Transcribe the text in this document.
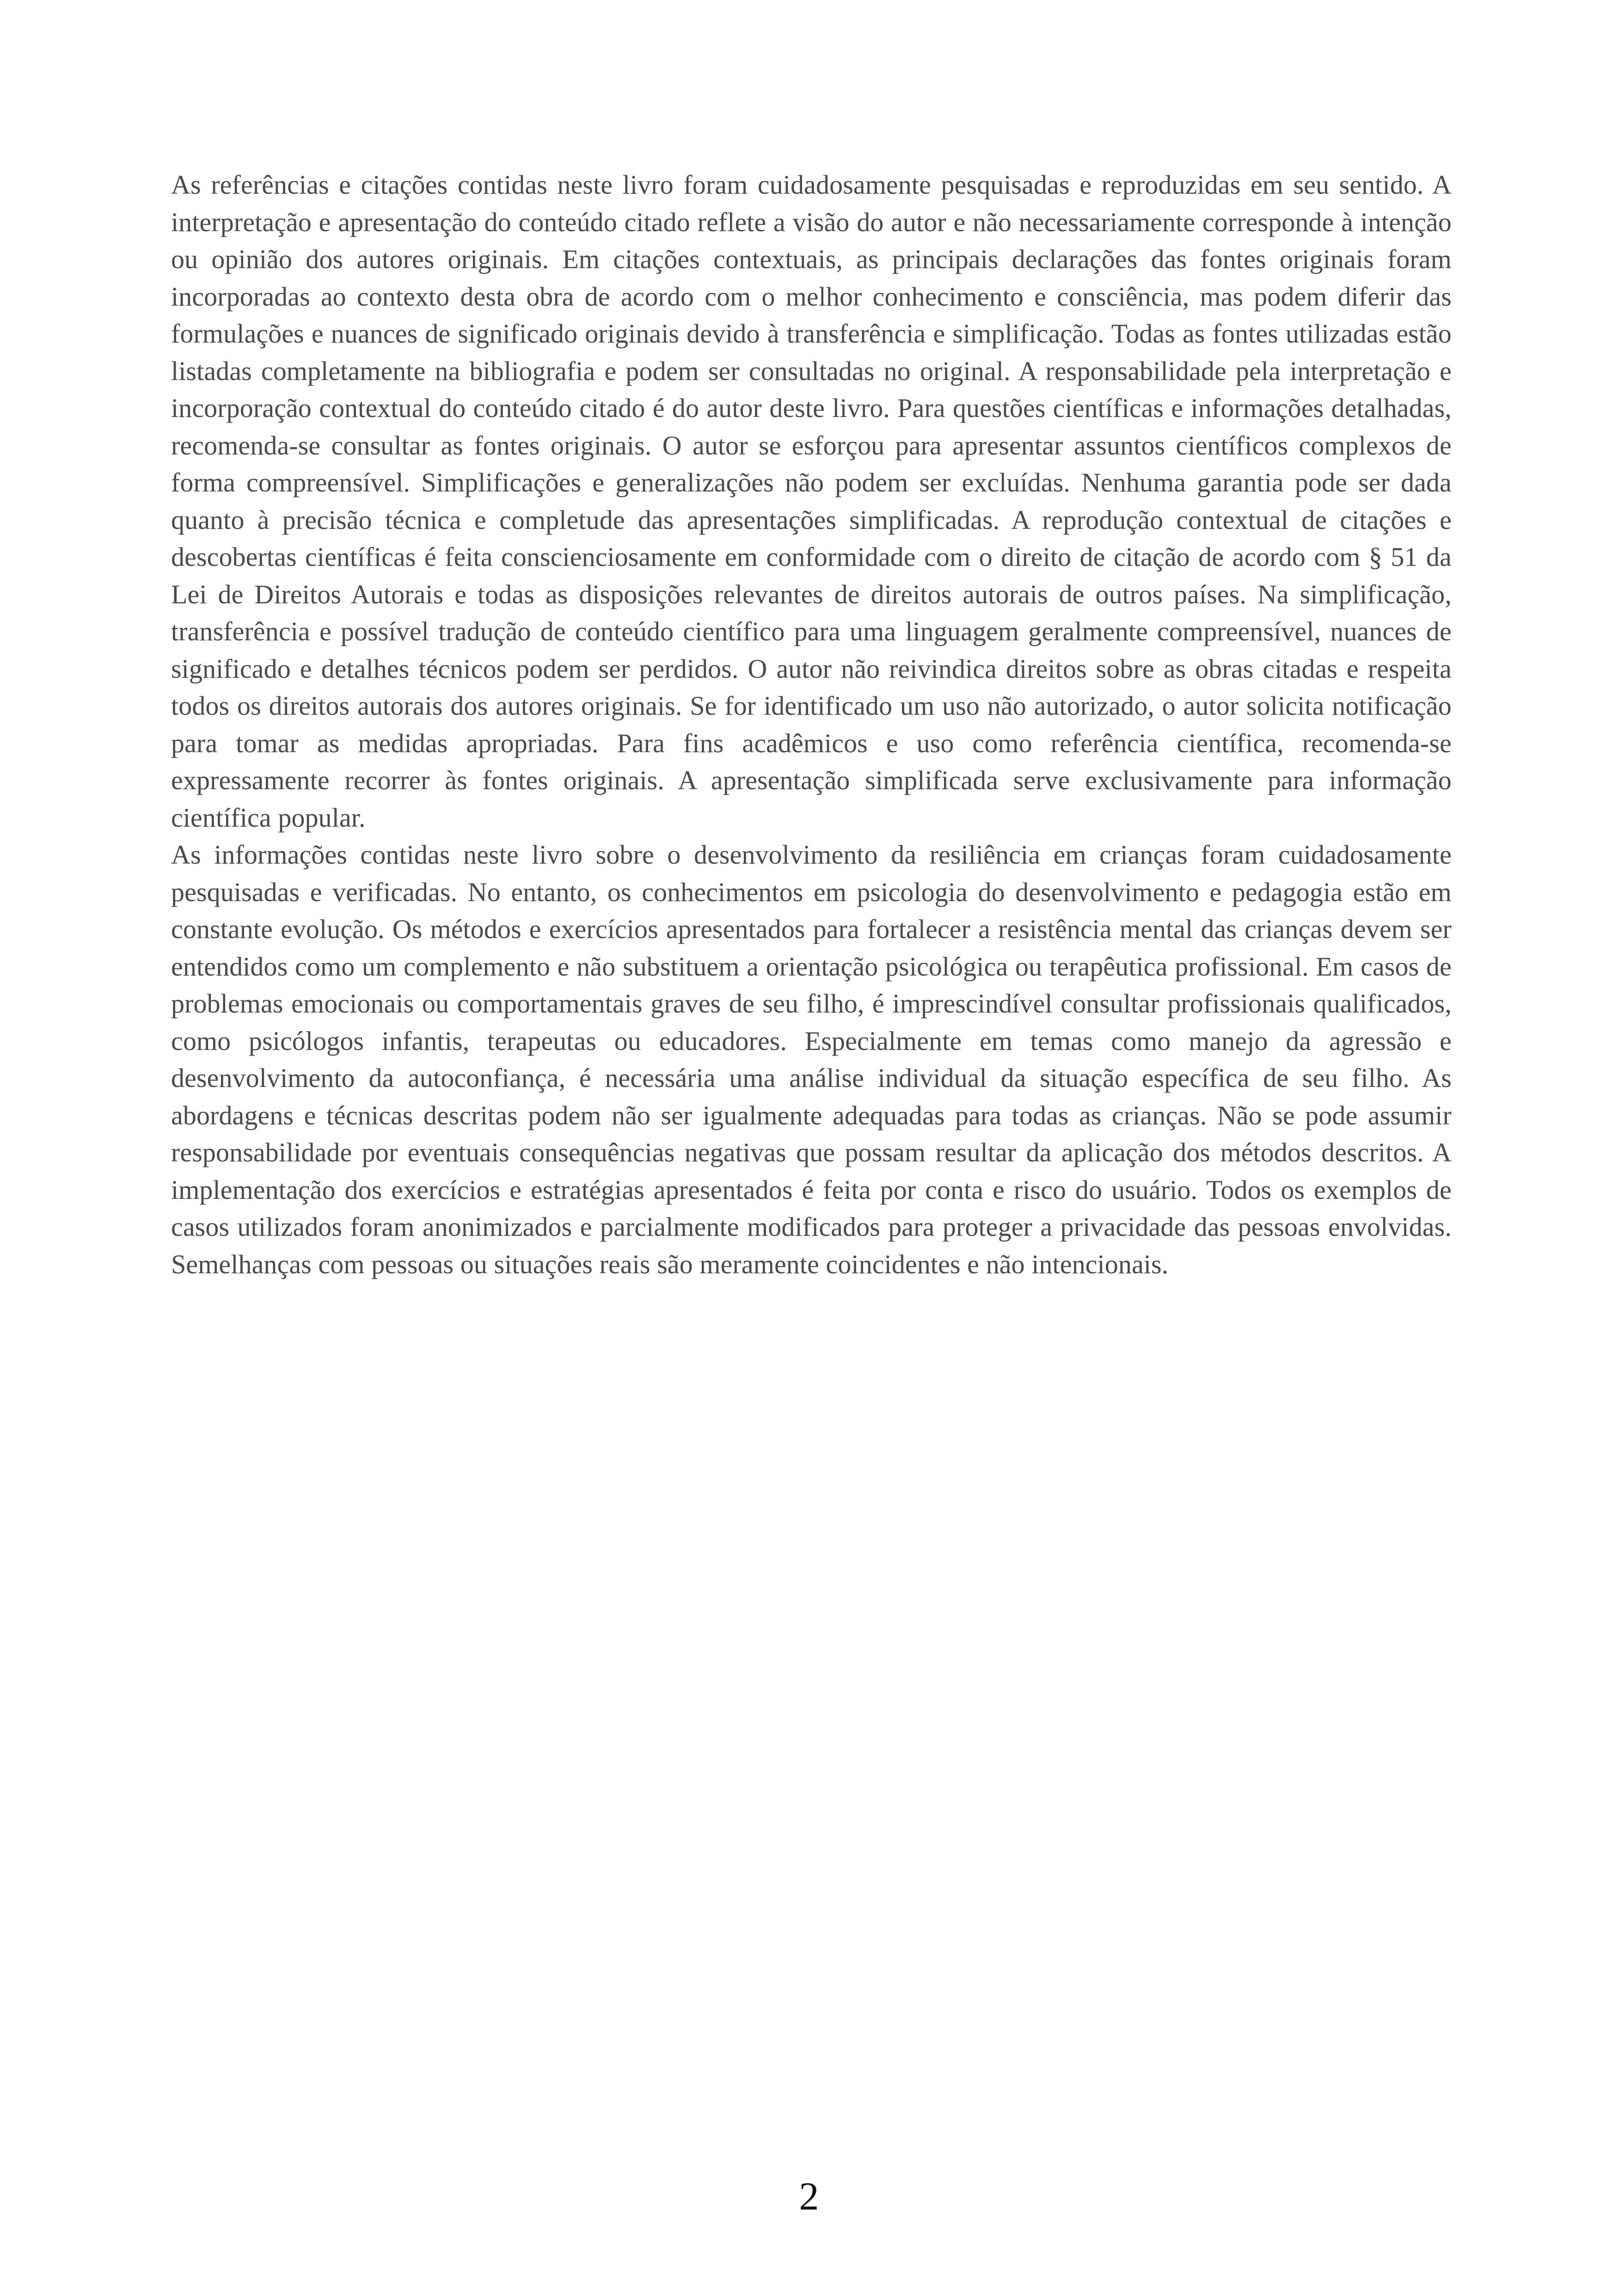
As referências e citações contidas neste livro foram cuidadosamente pesquisadas e reproduzidas em seu sentido. A interpretação e apresentação do conteúdo citado reflete a visão do autor e não necessariamente corresponde à intenção ou opinião dos autores originais. Em citações contextuais, as principais declarações das fontes originais foram incorporadas ao contexto desta obra de acordo com o melhor conhecimento e consciência, mas podem diferir das formulações e nuances de significado originais devido à transferência e simplificação. Todas as fontes utilizadas estão listadas completamente na bibliografia e podem ser consultadas no original. A responsabilidade pela interpretação e incorporação contextual do conteúdo citado é do autor deste livro. Para questões científicas e informações detalhadas, recomenda-se consultar as fontes originais. O autor se esforçou para apresentar assuntos científicos complexos de forma compreensível. Simplificações e generalizações não podem ser excluídas. Nenhuma garantia pode ser dada quanto à precisão técnica e completude das apresentações simplificadas. A reprodução contextual de citações e descobertas científicas é feita conscienciosamente em conformidade com o direito de citação de acordo com § 51 da Lei de Direitos Autorais e todas as disposições relevantes de direitos autorais de outros países. Na simplificação, transferência e possível tradução de conteúdo científico para uma linguagem geralmente compreensível, nuances de significado e detalhes técnicos podem ser perdidos. O autor não reivindica direitos sobre as obras citadas e respeita todos os direitos autorais dos autores originais. Se for identificado um uso não autorizado, o autor solicita notificação para tomar as medidas apropriadas. Para fins acadêmicos e uso como referência científica, recomenda-se expressamente recorrer às fontes originais. A apresentação simplificada serve exclusivamente para informação científica popular.

As informações contidas neste livro sobre o desenvolvimento da resiliência em crianças foram cuidadosamente pesquisadas e verificadas. No entanto, os conhecimentos em psicologia do desenvolvimento e pedagogia estão em constante evolução. Os métodos e exercícios apresentados para fortalecer a resistência mental das crianças devem ser entendidos como um complemento e não substituem a orientação psicológica ou terapêutica profissional. Em casos de problemas emocionais ou comportamentais graves de seu filho, é imprescindível consultar profissionais qualificados, como psicólogos infantis, terapeutas ou educadores. Especialmente em temas como manejo da agressão e desenvolvimento da autoconfiança, é necessária uma análise individual da situação específica de seu filho. As abordagens e técnicas descritas podem não ser igualmente adequadas para todas as crianças. Não se pode assumir responsabilidade por eventuais consequências negativas que possam resultar da aplicação dos métodos descritos. A implementação dos exercícios e estratégias apresentados é feita por conta e risco do usuário. Todos os exemplos de casos utilizados foram anonimizados e parcialmente modificados para proteger a privacidade das pessoas envolvidas. Semelhanças com pessoas ou situações reais são meramente coincidentes e não intencionais.

2
